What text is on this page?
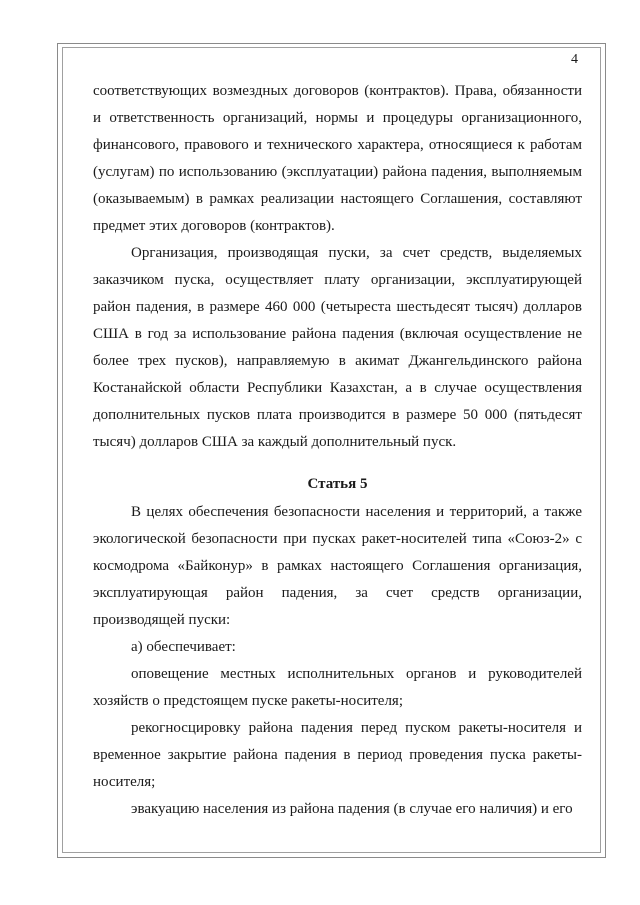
4

соответствующих возмездных договоров (контрактов). Права, обязанности и ответственность организаций, нормы и процедуры организационного, финансового, правового и технического характера, относящиеся к работам (услугам) по использованию (эксплуатации) района падения, выполняемым (оказываемым) в рамках реализации настоящего Соглашения, составляют предмет этих договоров (контрактов).

Организация, производящая пуски, за счет средств, выделяемых заказчиком пуска, осуществляет плату организации, эксплуатирующей район падения, в размере 460 000 (четыреста шестьдесят тысяч) долларов США в год за использование района падения (включая осуществление не более трех пусков), направляемую в акимат Джангельдинского района Костанайской области Республики Казахстан, а в случае осуществления дополнительных пусков плата производится в размере 50 000 (пятьдесят тысяч) долларов США за каждый дополнительный пуск.

Статья 5

В целях обеспечения безопасности населения и территорий, а также экологической безопасности при пусках ракет-носителей типа «Союз-2» с космодрома «Байконур» в рамках настоящего Соглашения организация, эксплуатирующая район падения, за счет средств организации, производящей пуски:

а) обеспечивает:

оповещение местных исполнительных органов и руководителей хозяйств о предстоящем пуске ракеты-носителя;

рекогносцировку района падения перед пуском ракеты-носителя и временное закрытие района падения в период проведения пуска ракеты-носителя;

эвакуацию населения из района падения (в случае его наличия) и его
